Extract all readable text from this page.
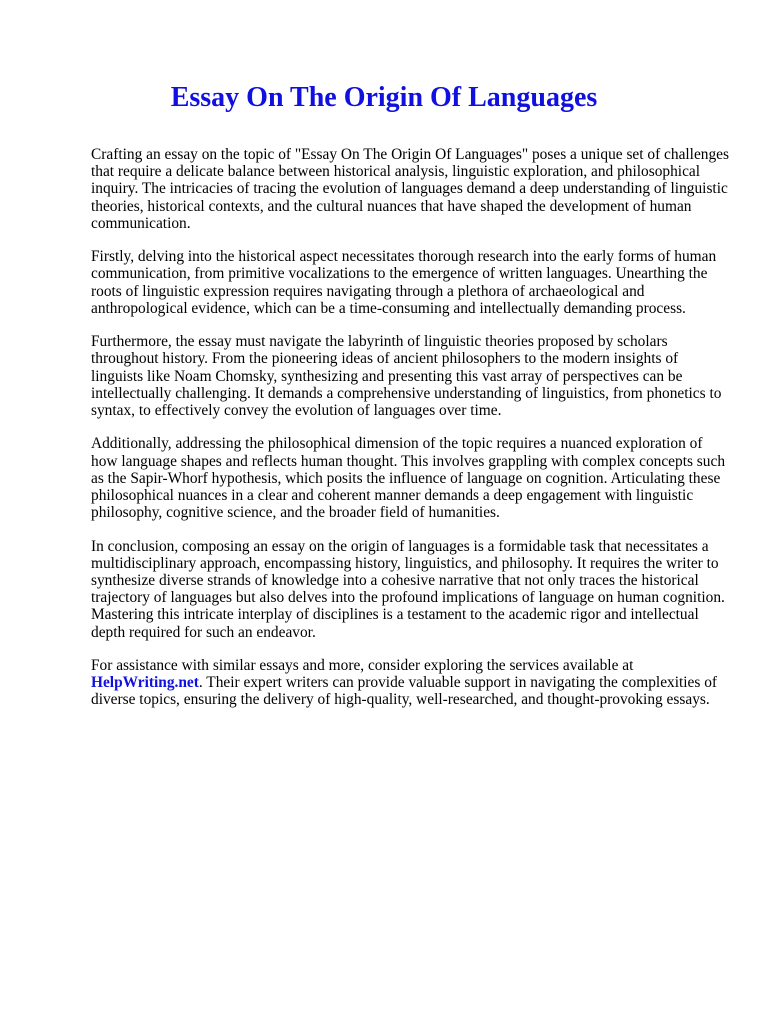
Essay On The Origin Of Languages

Crafting an essay on the topic of "Essay On The Origin Of Languages" poses a unique set of challenges that require a delicate balance between historical analysis, linguistic exploration, and philosophical inquiry. The intricacies of tracing the evolution of languages demand a deep understanding of linguistic theories, historical contexts, and the cultural nuances that have shaped the development of human communication.

Firstly, delving into the historical aspect necessitates thorough research into the early forms of human communication, from primitive vocalizations to the emergence of written languages. Unearthing the roots of linguistic expression requires navigating through a plethora of archaeological and anthropological evidence, which can be a time-consuming and intellectually demanding process.

Furthermore, the essay must navigate the labyrinth of linguistic theories proposed by scholars throughout history. From the pioneering ideas of ancient philosophers to the modern insights of linguists like Noam Chomsky, synthesizing and presenting this vast array of perspectives can be intellectually challenging. It demands a comprehensive understanding of linguistics, from phonetics to syntax, to effectively convey the evolution of languages over time.

Additionally, addressing the philosophical dimension of the topic requires a nuanced exploration of how language shapes and reflects human thought. This involves grappling with complex concepts such as the Sapir-Whorf hypothesis, which posits the influence of language on cognition. Articulating these philosophical nuances in a clear and coherent manner demands a deep engagement with linguistic philosophy, cognitive science, and the broader field of humanities.

In conclusion, composing an essay on the origin of languages is a formidable task that necessitates a multidisciplinary approach, encompassing history, linguistics, and philosophy. It requires the writer to synthesize diverse strands of knowledge into a cohesive narrative that not only traces the historical trajectory of languages but also delves into the profound implications of language on human cognition. Mastering this intricate interplay of disciplines is a testament to the academic rigor and intellectual depth required for such an endeavor.

For assistance with similar essays and more, consider exploring the services available at HelpWriting.net. Their expert writers can provide valuable support in navigating the complexities of diverse topics, ensuring the delivery of high-quality, well-researched, and thought-provoking essays.
